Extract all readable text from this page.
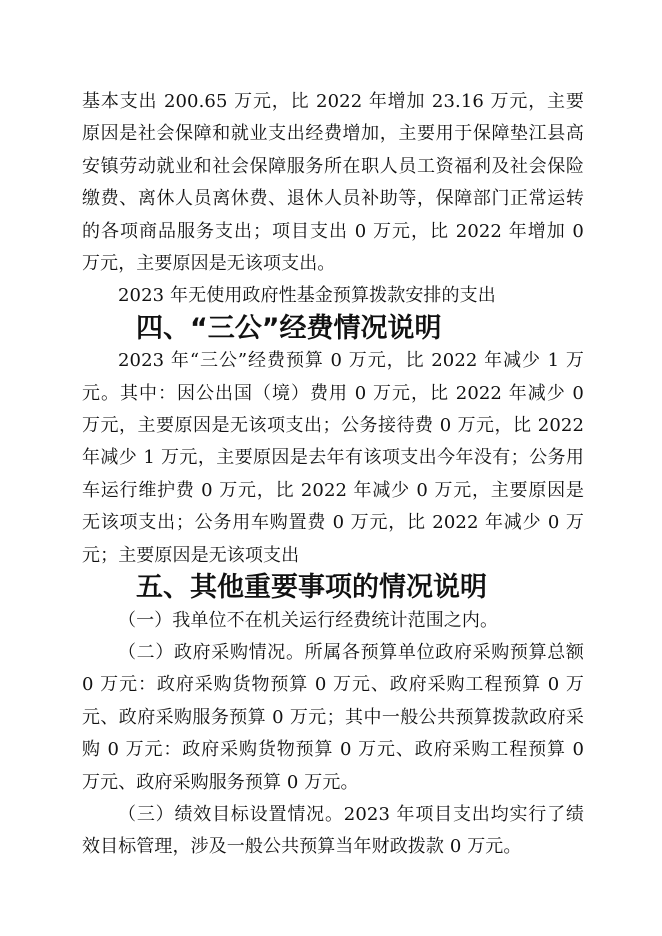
基本支出 200.65 万元，比 2022 年增加 23.16 万元，主要原因是社会保障和就业支出经费增加，主要用于保障垫江县高安镇劳动就业和社会保障服务所在职人员工资福利及社会保险缴费、离休人员离休费、退休人员补助等，保障部门正常运转的各项商品服务支出；项目支出 0 万元，比 2022 年增加 0 万元，主要原因是无该项支出。

2023 年无使用政府性基金预算拨款安排的支出

四、“三公”经费情况说明

2023 年“三公”经费预算 0 万元，比 2022 年减少 1 万元。其中：因公出国（境）费用 0 万元，比 2022 年减少 0 万元，主要原因是无该项支出；公务接待费 0 万元，比 2022 年减少 1 万元，主要原因是去年有该项支出今年没有；公务用车运行维护费 0 万元，比 2022 年减少 0 万元，主要原因是无该项支出；公务用车购置费 0 万元，比 2022 年减少 0 万元；主要原因是无该项支出

五、其他重要事项的情况说明

（一）我单位不在机关运行经费统计范围之内。

（二）政府采购情况。所属各预算单位政府采购预算总额 0 万元：政府采购货物预算 0 万元、政府采购工程预算 0 万元、政府采购服务预算 0 万元；其中一般公共预算拨款政府采购 0 万元：政府采购货物预算 0 万元、政府采购工程预算 0 万元、政府采购服务预算 0 万元。

（三）绩效目标设置情况。2023 年项目支出均实行了绩效目标管理，涉及一般公共预算当年财政拨款 0 万元。
